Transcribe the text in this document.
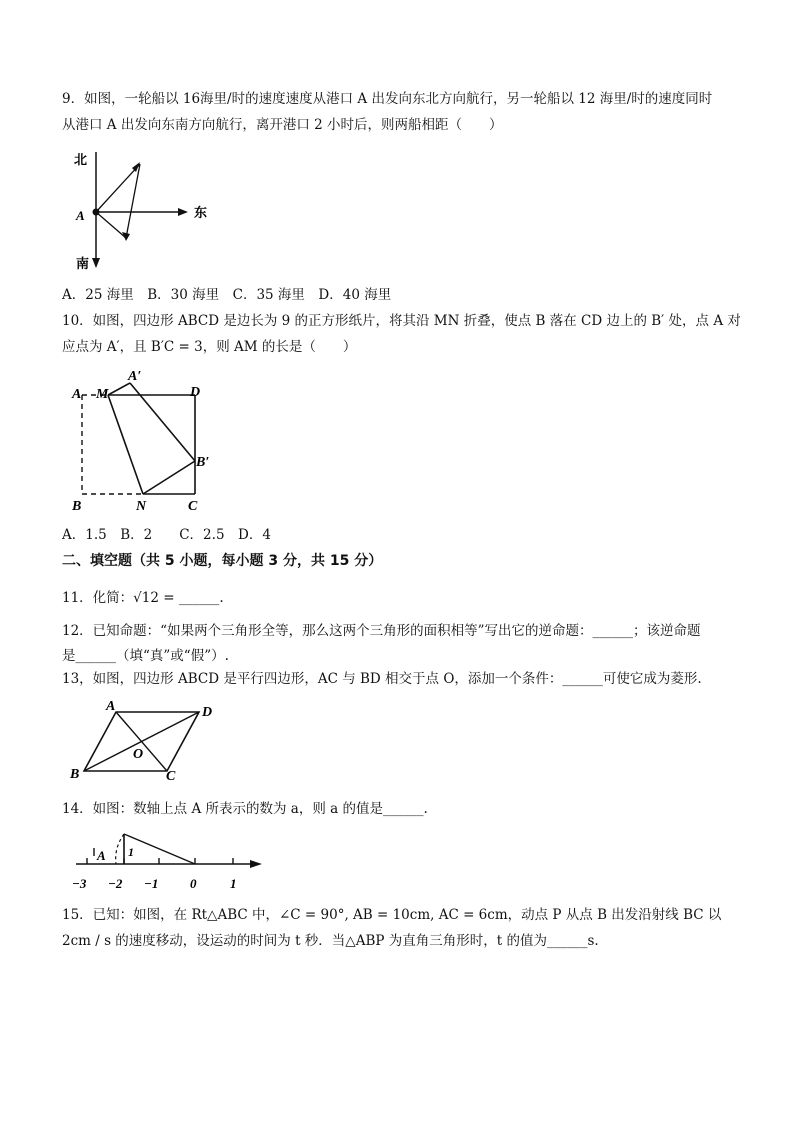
9．如图，一轮船以 16海里/时的速度速度从港口 A 出发向东北方向航行，另一轮船以 12 海里/时的速度同时
从港口 A 出发向东南方向航行，离开港口 2 小时后，则两船相距（　　）
北
东
南
A
A．25 海里　B．30 海里　C．35 海里　D．40 海里
10．如图，四边形 ABCD 是边长为 9 的正方形纸片，将其沿 MN 折叠，使点 B 落在 CD 边上的 B′ 处，点 A 对
应点为 A′，且 B′C = 3，则 AM 的长是（　　）
A M
A′
D
B′
B	N	C
A．1.5　B．2　　C．2.5　D．4
二、填空题（共 5 小题，每小题 3 分，共 15 分）
11．化简：√12 = ______.
12．已知命题：“如果两个三角形全等，那么这两个三角形的面积相等”写出它的逆命题：______；该逆命题
是______（填“真”或“假”）.
13，如图，四边形 ABCD 是平行四边形，AC 与 BD 相交于点 O，添加一个条件：______可使它成为菱形.
A	D
O
B	C
14．如图：数轴上点 A 所表示的数为 a，则 a 的值是______.
A 1
−3 −2 −1 0	1
15．已知：如图，在 Rt△ABC 中，∠C = 90°, AB = 10cm, AC = 6cm，动点 P 从点 B 出发沿射线 BC 以
2cm / s 的速度移动，设运动的时间为 t 秒．当△ABP 为直角三角形时，t 的值为______s.
